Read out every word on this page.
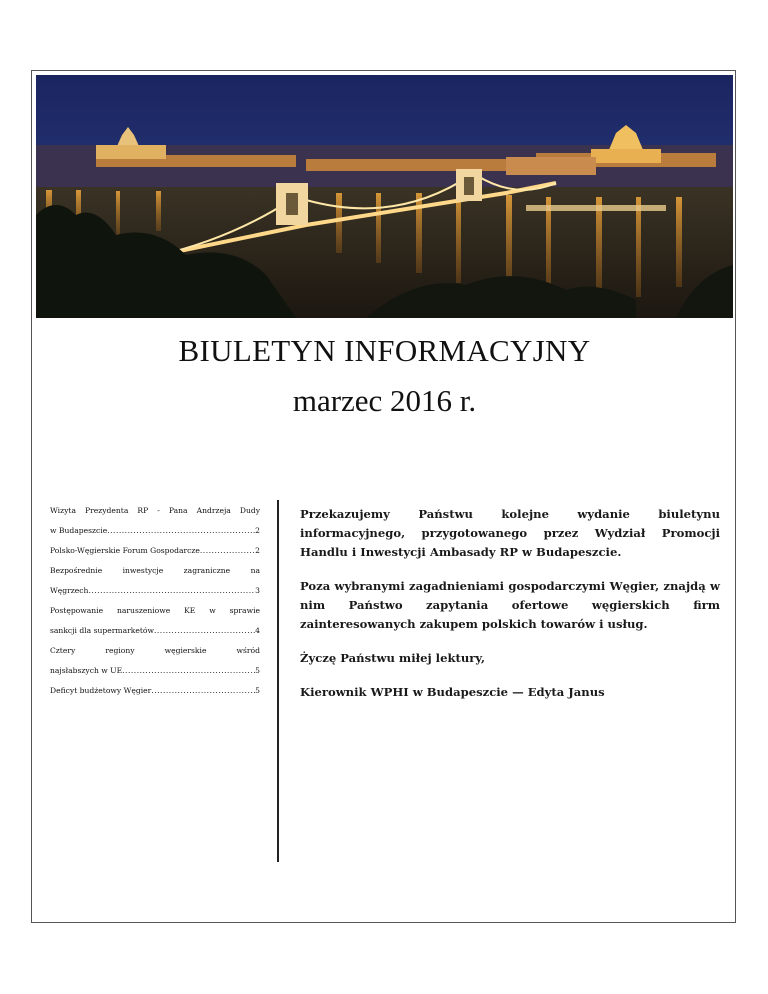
BIULETYN INFORMACYJNY
marzec 2016 r.
Wizyta Prezydenta RP - Pana Andrzeja Dudy
w Budapeszcie .....	2
Polsko-Węgierskie Forum Gospodarcze .....	2
Bezpośrednie inwestycje zagraniczne na
Węgrzech .....	3
Postępowanie naruszeniowe KE w sprawie
sankcji dla supermarketów .....	4
Cztery regiony węgierskie wśród
najsłabszych w UE .....	5
Deficyt budżetowy Węgier .....	5

Przekazujemy Państwu kolejne wydanie biuletynu informacyjnego, przygotowanego przez Wydział Promocji Handlu i Inwestycji Ambasady RP w Budapeszcie.

Poza wybranymi zagadnieniami gospodarczymi Węgier, znajdą w nim Państwo zapytania ofertowe węgierskich firm zainteresowanych zakupem polskich towarów i usług.

Życzę Państwu miłej lektury,

Kierownik WPHI w Budapeszcie — Edyta Janus
